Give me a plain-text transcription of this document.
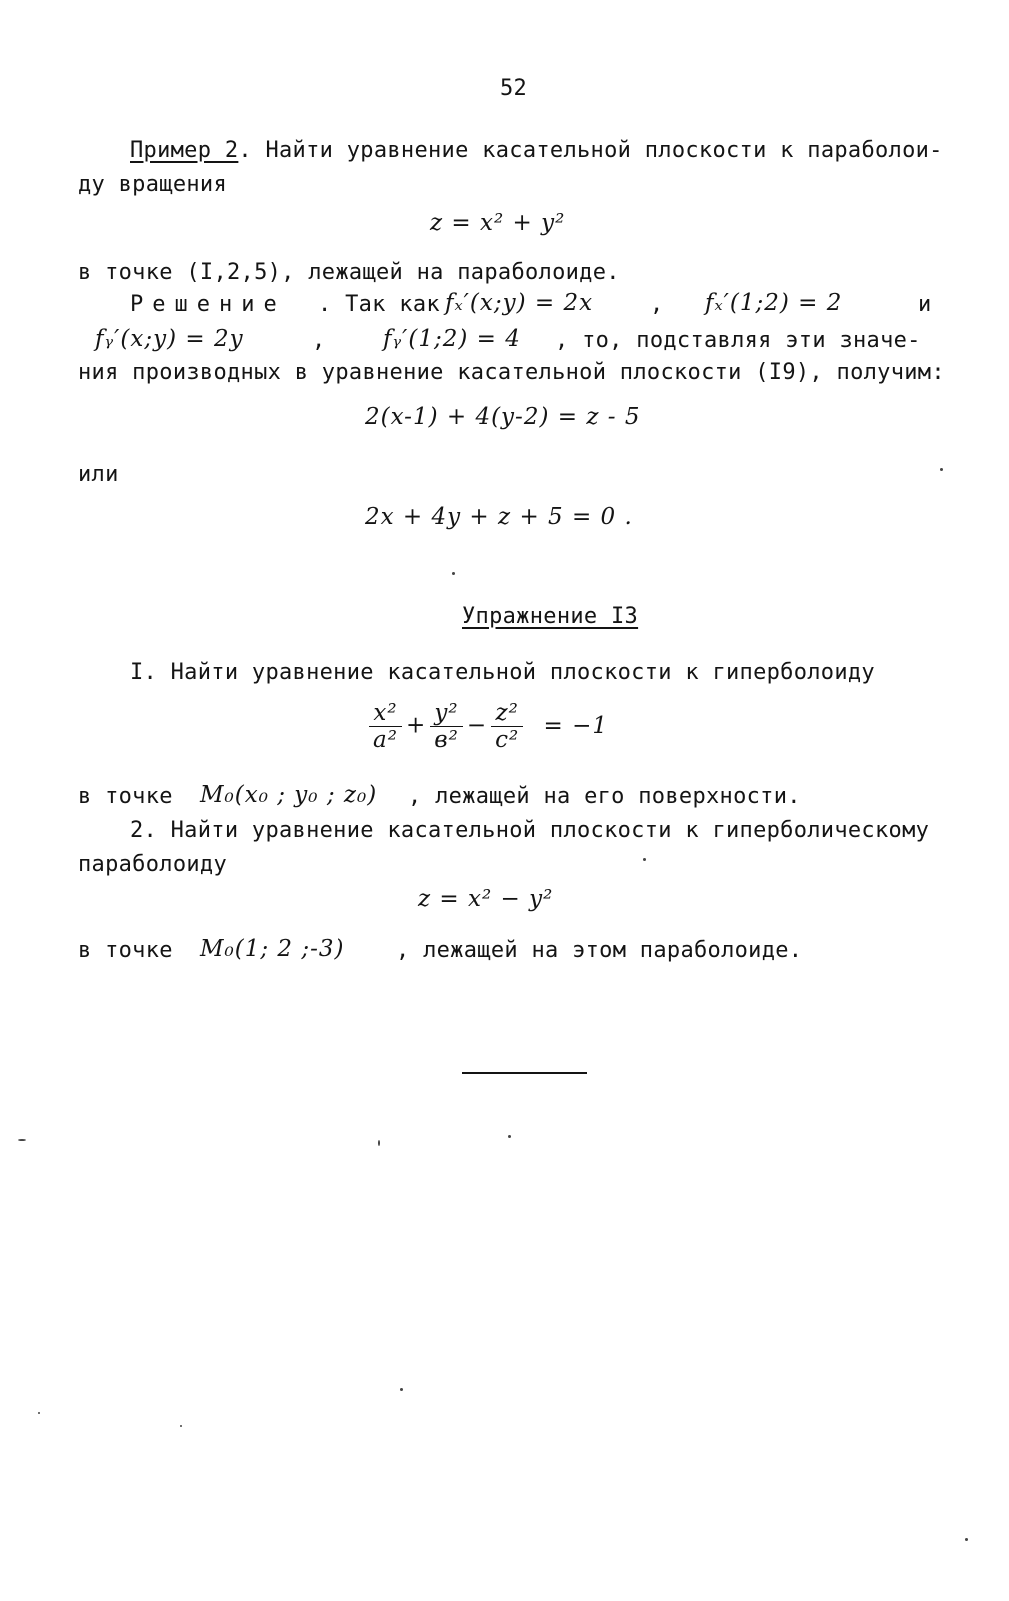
52
Пример 2. Найти уравнение касательной плоскости к параболои-
ду вращения
z = x² + y²
в точке (I,2,5), лежащей на параболоиде.
Решение . Так как fₓ′(x;y) = 2x	, fₓ′(1;2) = 2	и
fᵧ′(x;y) = 2y	, fᵧ′(1;2) = 4 , то, подставляя эти значе-
ния производных в уравнение касательной плоскости (I9), получим:
2(x-1) + 4(y-2) = z - 5
или
2x + 4y + z + 5 = 0 .
Упражнение I3
I. Найти уравнение касательной плоскости к гиперболоиду
$\frac{\text{x²}}{\text{a²}} + \frac{\text{y²}}{\text{в²}} - \frac{\text{z²}}{\text{c²}} = -1$
в точке M₀(x₀ ; y₀ ; z₀) , лежащей на его поверхности.
2. Найти уравнение касательной плоскости к гиперболическому
параболоиду
z = x² − y²
в точке M₀(1; 2 ;-3) , лежащей на этом параболоиде.
